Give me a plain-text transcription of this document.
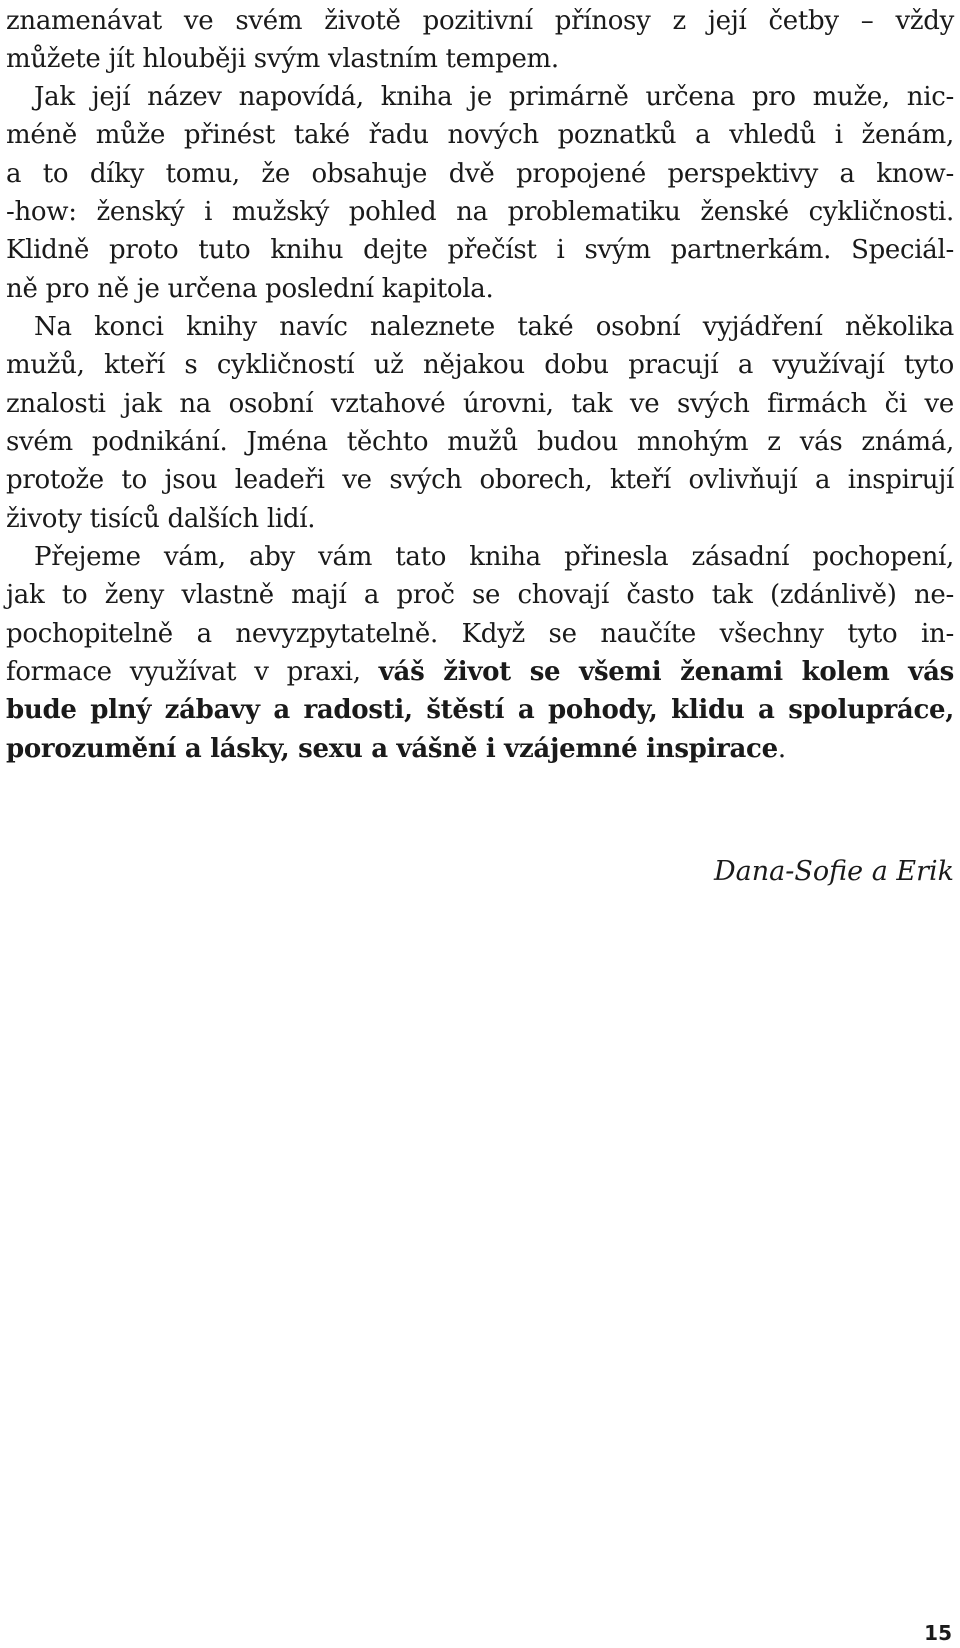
znamenávat ve svém životě pozitivní přínosy z její četby – vždy
můžete jít hlouběji svým vlastním tempem.
Jak její název napovídá, kniha je primárně určena pro muže, nic-
méně může přinést také řadu nových poznatků a vhledů i ženám,
a to díky tomu, že obsahuje dvě propojené perspektivy a know-
-how: ženský i mužský pohled na problematiku ženské cykličnosti.
Klidně proto tuto knihu dejte přečíst i svým partnerkám. Speciál-
ně pro ně je určena poslední kapitola.
Na konci knihy navíc naleznete také osobní vyjádření několika
mužů, kteří s cykličností už nějakou dobu pracují a využívají tyto
znalosti jak na osobní vztahové úrovni, tak ve svých firmách či ve
svém podnikání. Jména těchto mužů budou mnohým z vás známá,
protože to jsou leadeři ve svých oborech, kteří ovlivňují a inspirují
životy tisíců dalších lidí.
Přejeme vám, aby vám tato kniha přinesla zásadní pochopení,
jak to ženy vlastně mají a proč se chovají často tak (zdánlivě) ne-
pochopitelně a nevyzpytatelně. Když se naučíte všechny tyto in-
formace využívat v praxi, váš život se všemi ženami kolem vás
bude plný zábavy a radosti, štěstí a pohody, klidu a spolupráce,
porozumění a lásky, sexu a vášně i vzájemné inspirace.
Dana-Sofie a Erik
15
